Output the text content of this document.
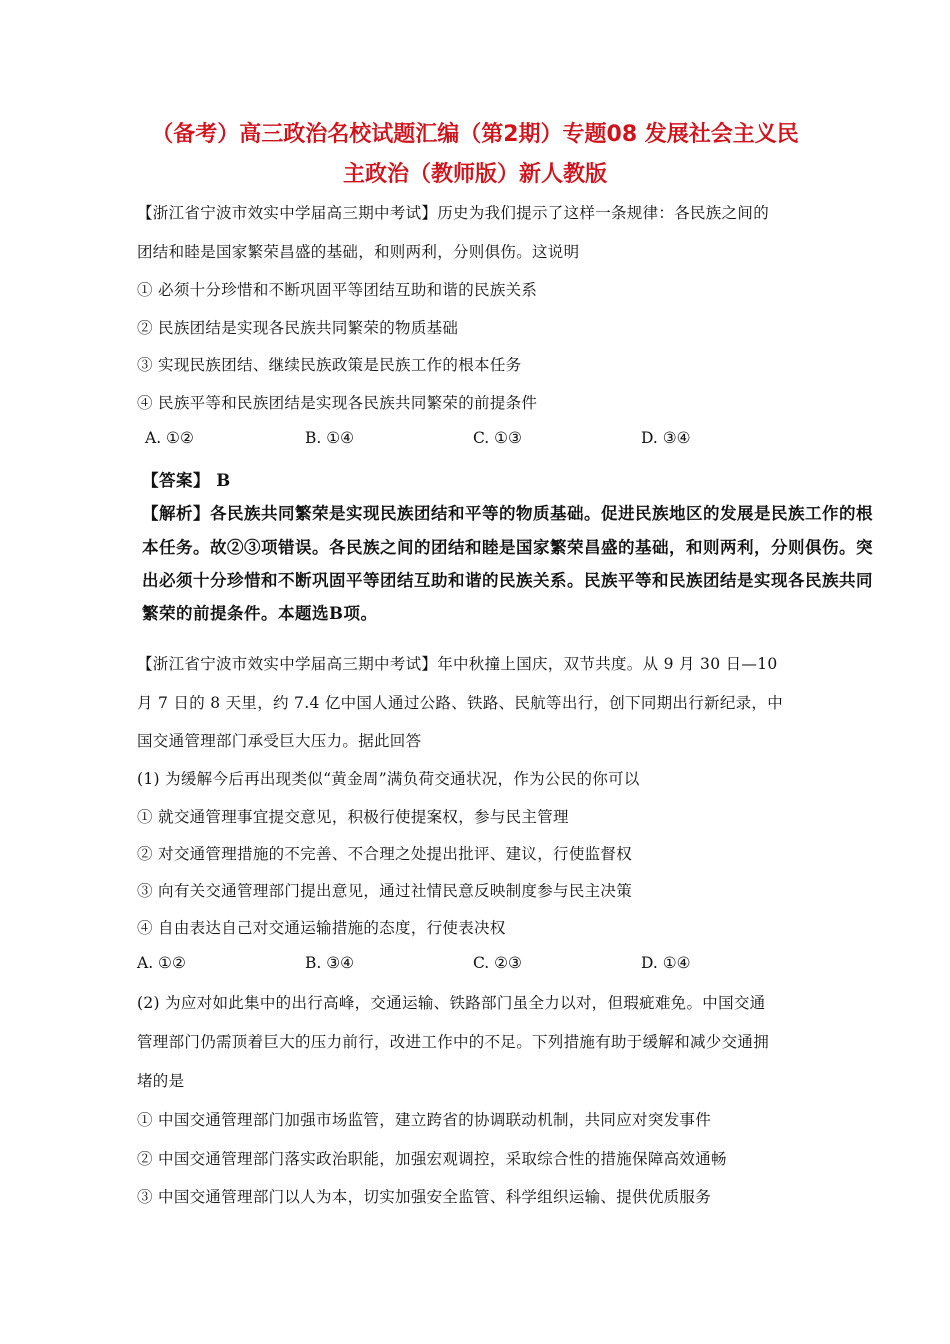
（备考）高三政治名校试题汇编（第2期）专题08 发展社会主义民
主政治（教师版）新人教版
【浙江省宁波市效实中学届高三期中考试】历史为我们提示了这样一条规律：各民族之间的
团结和睦是国家繁荣昌盛的基础，和则两利，分则俱伤。这说明
① 必须十分珍惜和不断巩固平等团结互助和谐的民族关系
② 民族团结是实现各民族共同繁荣的物质基础
③ 实现民族团结、继续民族政策是民族工作的根本任务
④ 民族平等和民族团结是实现各民族共同繁荣的前提条件
A. ①②	B. ①④	C. ①③	D. ③④
【答案】 B
【解析】各民族共同繁荣是实现民族团结和平等的物质基础。促进民族地区的发展是民族工作的根
本任务。故②③项错误。各民族之间的团结和睦是国家繁荣昌盛的基础，和则两利，分则俱伤。突
出必须十分珍惜和不断巩固平等团结互助和谐的民族关系。民族平等和民族团结是实现各民族共同
繁荣的前提条件。本题选B项。
【浙江省宁波市效实中学届高三期中考试】年中秋撞上国庆，双节共度。从 9 月 30 日—10
月 7 日的 8 天里，约 7.4 亿中国人通过公路、铁路、民航等出行，创下同期出行新纪录，中
国交通管理部门承受巨大压力。据此回答
(1) 为缓解今后再出现类似“黄金周”满负荷交通状况，作为公民的你可以
① 就交通管理事宜提交意见，积极行使提案权，参与民主管理
② 对交通管理措施的不完善、不合理之处提出批评、建议，行使监督权
③ 向有关交通管理部门提出意见，通过社情民意反映制度参与民主决策
④ 自由表达自己对交通运输措施的态度，行使表决权
A. ①②	B. ③④	C. ②③	D. ①④
(2) 为应对如此集中的出行高峰，交通运输、铁路部门虽全力以对，但瑕疵难免。中国交通
管理部门仍需顶着巨大的压力前行，改进工作中的不足。下列措施有助于缓解和减少交通拥
堵的是
① 中国交通管理部门加强市场监管，建立跨省的协调联动机制，共同应对突发事件
② 中国交通管理部门落实政治职能，加强宏观调控，采取综合性的措施保障高效通畅
③ 中国交通管理部门以人为本，切实加强安全监管、科学组织运输、提供优质服务
